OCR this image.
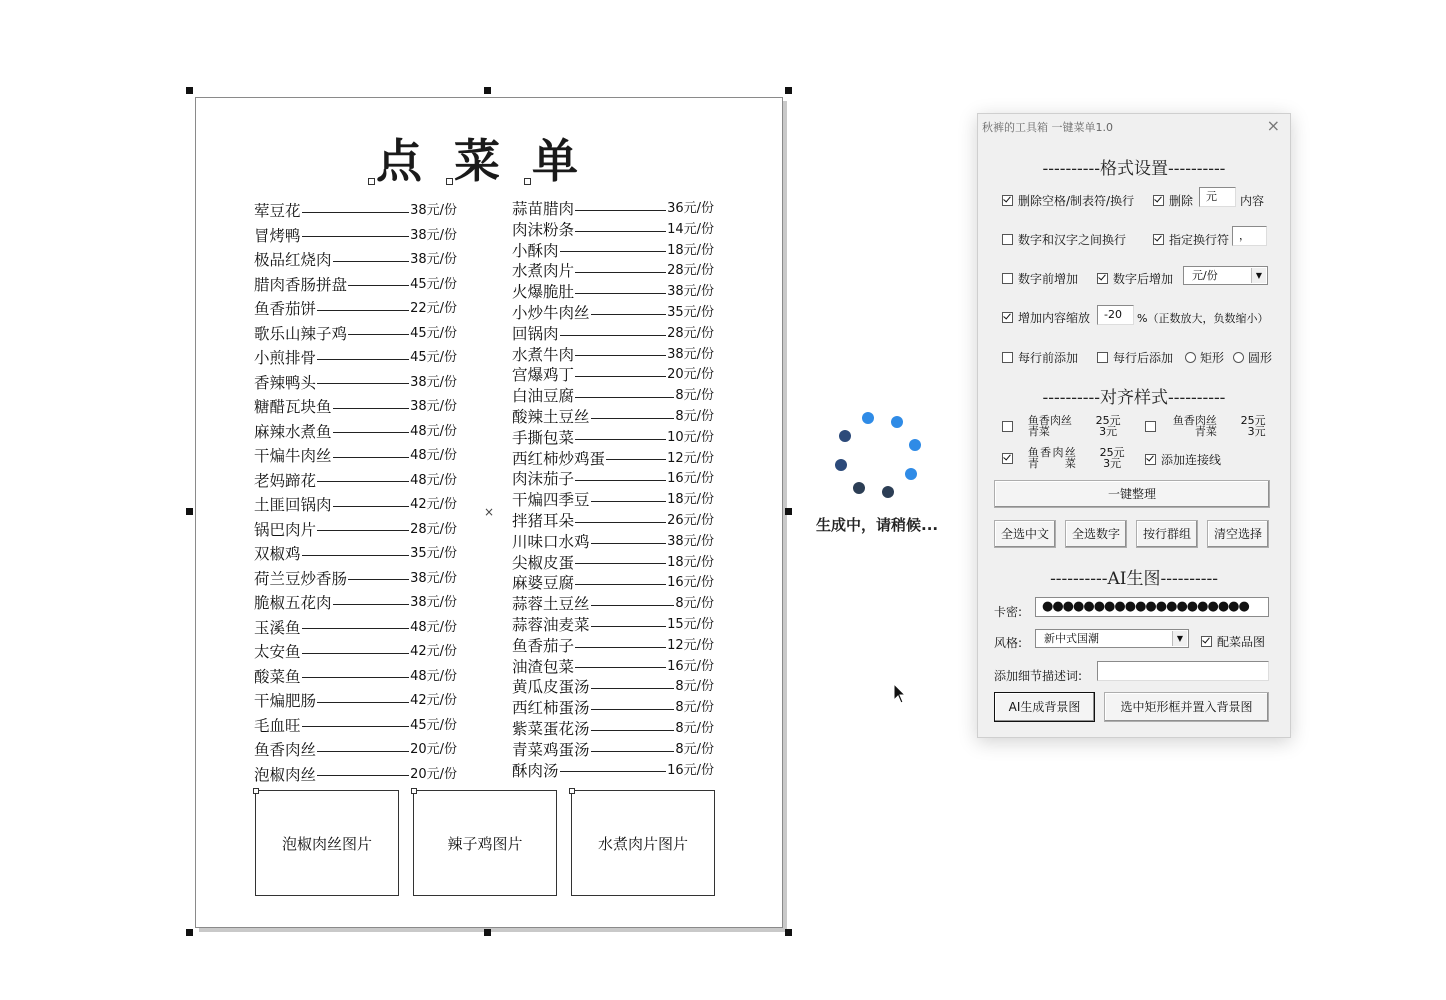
×
点 菜 单
荤豆花	38元/份
冒烤鸭	38元/份
极品红烧肉	38元/份
腊肉香肠拼盘	45元/份
鱼香茄饼	22元/份
歌乐山辣子鸡	45元/份
小煎排骨	45元/份
香辣鸭头	38元/份
糖醋瓦块鱼	38元/份
麻辣水煮鱼	48元/份
干煸牛肉丝	48元/份
老妈蹄花	48元/份
土匪回锅肉	42元/份
锅巴肉片	28元/份
双椒鸡	35元/份
荷兰豆炒香肠	38元/份
脆椒五花肉	38元/份
玉溪鱼	48元/份
太安鱼	42元/份
酸菜鱼	48元/份
干煸肥肠	42元/份
毛血旺	45元/份
鱼香肉丝	20元/份
泡椒肉丝	20元/份
蒜苗腊肉	36元/份
肉沫粉条	14元/份
小酥肉	18元/份
水煮肉片	28元/份
火爆脆肚	38元/份
小炒牛肉丝	35元/份
回锅肉	28元/份
水煮牛肉	38元/份
宫爆鸡丁	20元/份
白油豆腐	8元/份
酸辣土豆丝	8元/份
手撕包菜	10元/份
西红柿炒鸡蛋	12元/份
肉沫茄子	16元/份
干煸四季豆	18元/份
拌猪耳朵	26元/份
川味口水鸡	38元/份
尖椒皮蛋	18元/份
麻婆豆腐	16元/份
蒜蓉土豆丝	8元/份
蒜蓉油麦菜	15元/份
鱼香茄子	12元/份
油渣包菜	16元/份
黄瓜皮蛋汤	8元/份
西红柿蛋汤	8元/份
紫菜蛋花汤	8元/份
青菜鸡蛋汤	8元/份
酥肉汤	16元/份
泡椒肉丝图片	辣子鸡图片	水煮肉片图片
生成中，请稍候...
秋裤的工具箱 一键菜单1.0	×
----------格式设置----------
删除空格/制表符/换行	删除	元	内容
数字和汉字之间换行	指定换行符 ，
数字前增加	数字后增加	元/份	▼
增加内容缩放	-20	%（正数放大，负数缩小）
每行前添加	每行后添加	矩形	圆形
----------对齐样式----------
鱼香肉丝
青菜 25元
3元
鱼香肉丝
青菜 25元
3元
鱼香肉丝
青菜 25元
3元	添加连接线
一键整理
全选中文	全选数字	按行群组	清空选择
----------AI生图----------
卡密:	●●●●●●●●●●●●●●●●●●●●
风格:	新中式国潮	▼	配菜品图
添加细节描述词:
AI生成背景图	选中矩形框并置入背景图
